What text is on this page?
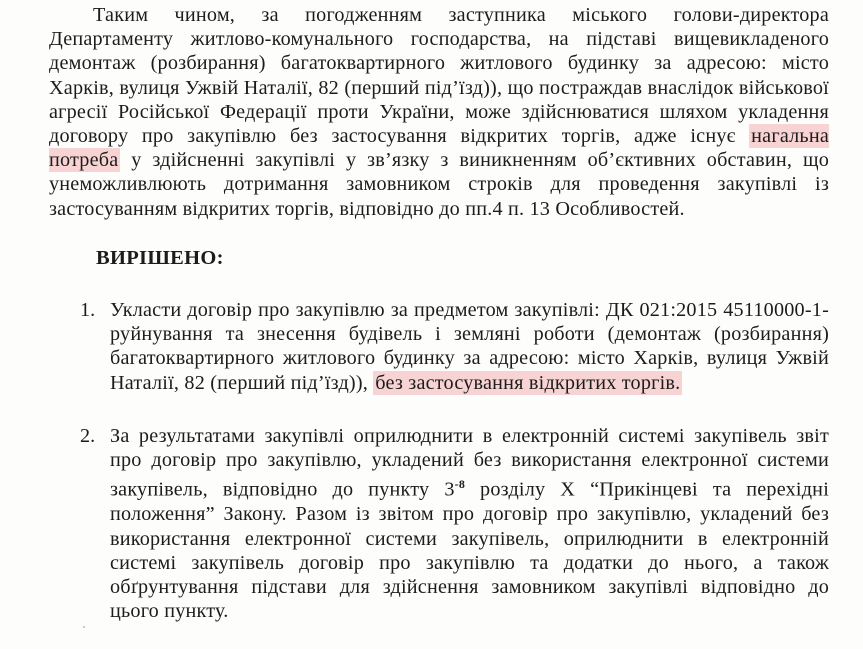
Таким чином, за погодженням заступника міського голови-директора Департаменту житлово-комунального господарства, на підставі вищевикладеного демонтаж (розбирання) багатоквартирного житлового будинку за адресою: місто Харків, вулиця Ужвій Наталії, 82 (перший під’їзд)), що постраждав внаслідок військової агресії Російської Федерації проти України, може здійснюватися шляхом укладення договору про закупівлю без застосування відкритих торгів, адже існує нагальна потреба у здійсненні закупівлі у зв’язку з виникненням об’єктивних обставин, що унеможливлюють дотримання замовником строків для проведення закупівлі із застосуванням відкритих торгів, відповідно до пп.4 п. 13 Особливостей.

ВИРІШЕНО:
1. Укласти договір про закупівлю за предметом закупівлі: ДК 021:2015 45110000-1- руйнування та знесення будівель і земляні роботи (демонтаж (розбирання) багатоквартирного житлового будинку за адресою: місто Харків, вулиця Ужвій Наталії, 82 (перший під’їзд)), без застосування відкритих торгів.
2. За результатами закупівлі оприлюднити в електронній системі закупівель звіт про договір про закупівлю, укладений без використання електронної системи закупівель, відповідно до пункту $3^{-8}$ розділу X “Прикінцеві та перехідні положення” Закону. Разом із звітом про договір про закупівлю, укладений без використання електронної системи закупівель, оприлюднити в електронній системі закупівель договір про закупівлю та додатки до нього, а також обґрунтування підстави для здійснення замовником закупівлі відповідно до цього пункту.
